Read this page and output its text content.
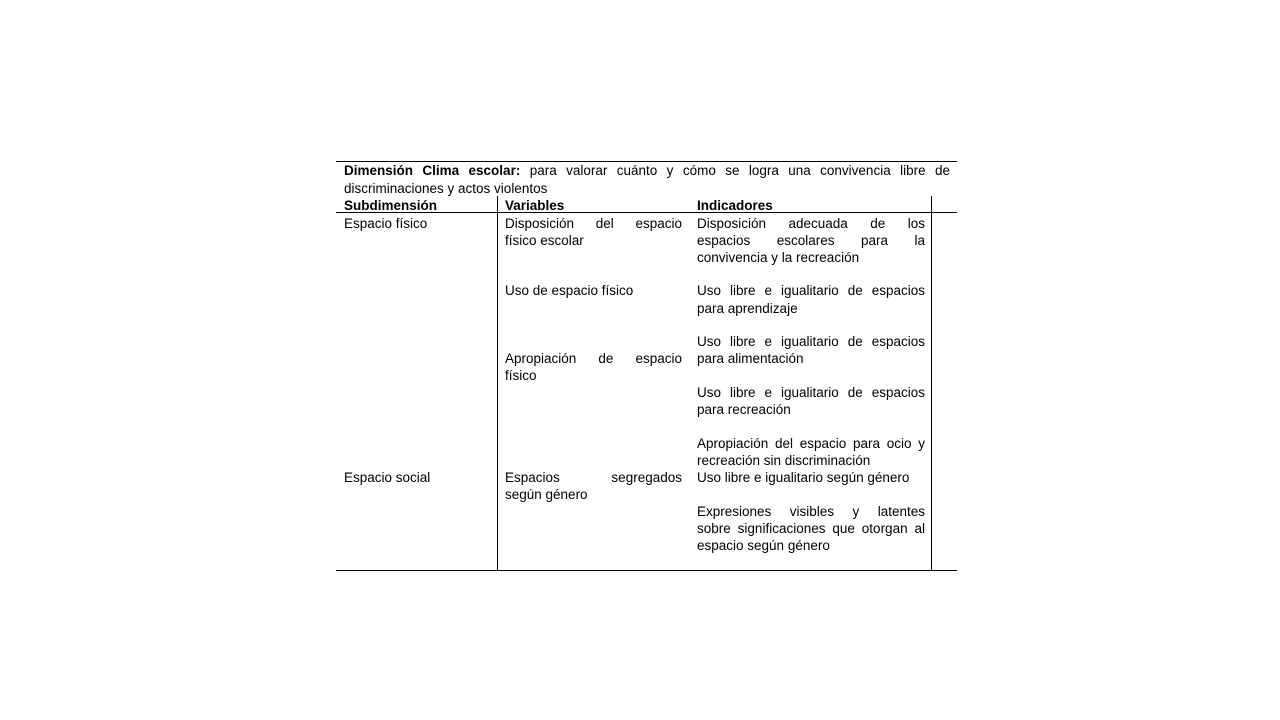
Dimensión Clima escolar: para valorar cuánto y cómo se logra una convivencia libre de
discriminaciones y actos violentos
Subdimensión	Variables	Indicadores
Espacio físico
Espacio social
Disposición del espacio
físico escolar
Uso de espacio físico
Apropiación de espacio
físico
Espacios segregados
según género
Disposición adecuada de los
espacios escolares para la
convivencia y la recreación
Uso libre e igualitario de espacios
para aprendizaje
Uso libre e igualitario de espacios
para alimentación
Uso libre e igualitario de espacios
para recreación
Apropiación del espacio para ocio y
recreación sin discriminación
Uso libre e igualitario según género
Expresiones visibles y latentes
sobre significaciones que otorgan al
espacio según género
